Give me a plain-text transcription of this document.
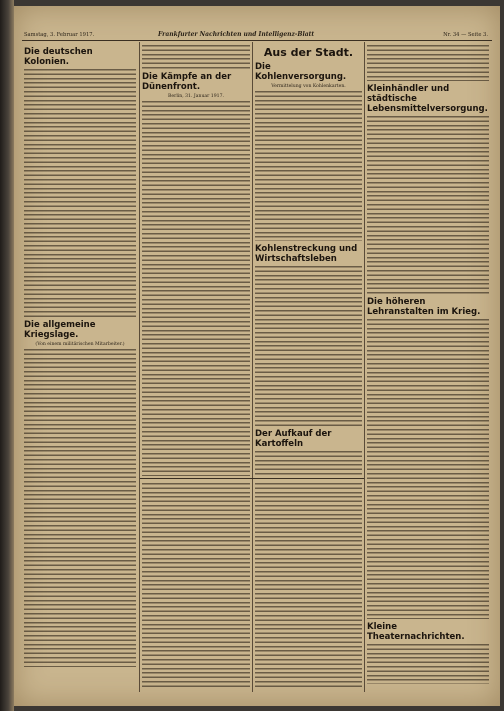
Samstag, 3. Februar 1917.	Frankfurter Nachrichten und Intelligenz-Blatt	Nr. 34 — Seite 3.
Die deutschen Kolonien.
Die allgemeine Kriegslage.
(Von einem militärischen Mitarbeiter.)
Die Kämpfe an der Dünenfront.
Berlin, 31. Januar 1917.
Aus der Stadt.
Die Kohlenversorgung.
Vermittelung von Kohlenkarten.
Kohlenstreckung und Wirtschaftsleben
Der Aufkauf der Kartoffeln
Kleinhändler und städtische Lebensmittelversorgung.
Die höheren Lehranstalten im Krieg.
Kleine Theaternachrichten.
